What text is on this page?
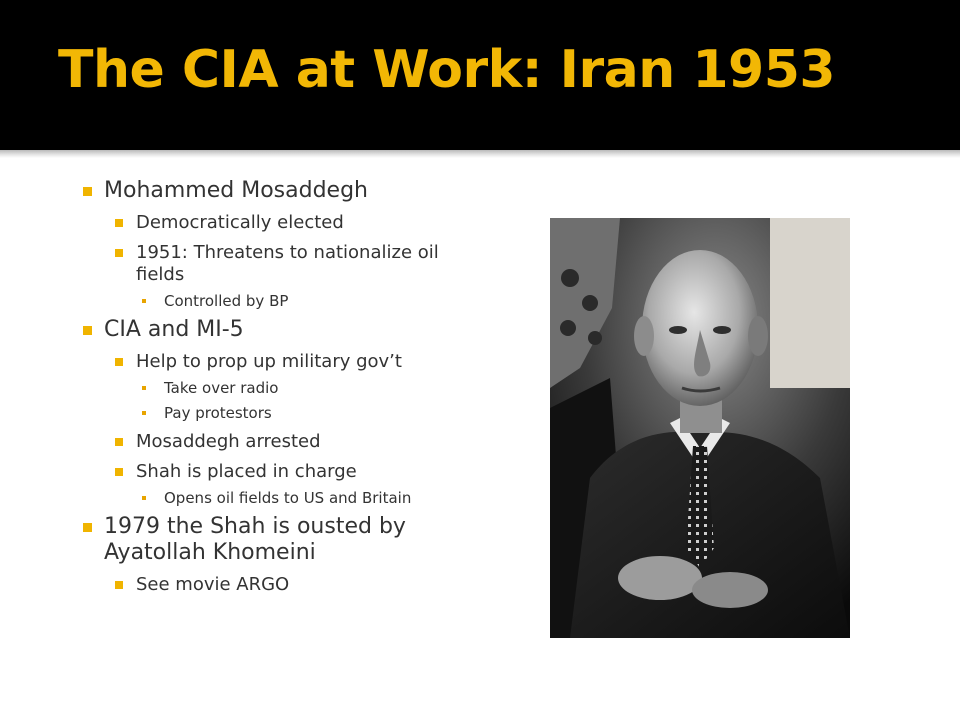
The CIA at Work: Iran 1953
Mohammed Mosaddegh
Democratically elected
1951: Threatens to nationalize oil fields
Controlled by BP
CIA and MI-5
Help to prop up military gov’t
Take over radio
Pay protestors
Mosaddegh arrested
Shah is placed in charge
Opens oil fields to US and Britain
1979 the Shah is ousted by Ayatollah Khomeini
See movie ARGO
